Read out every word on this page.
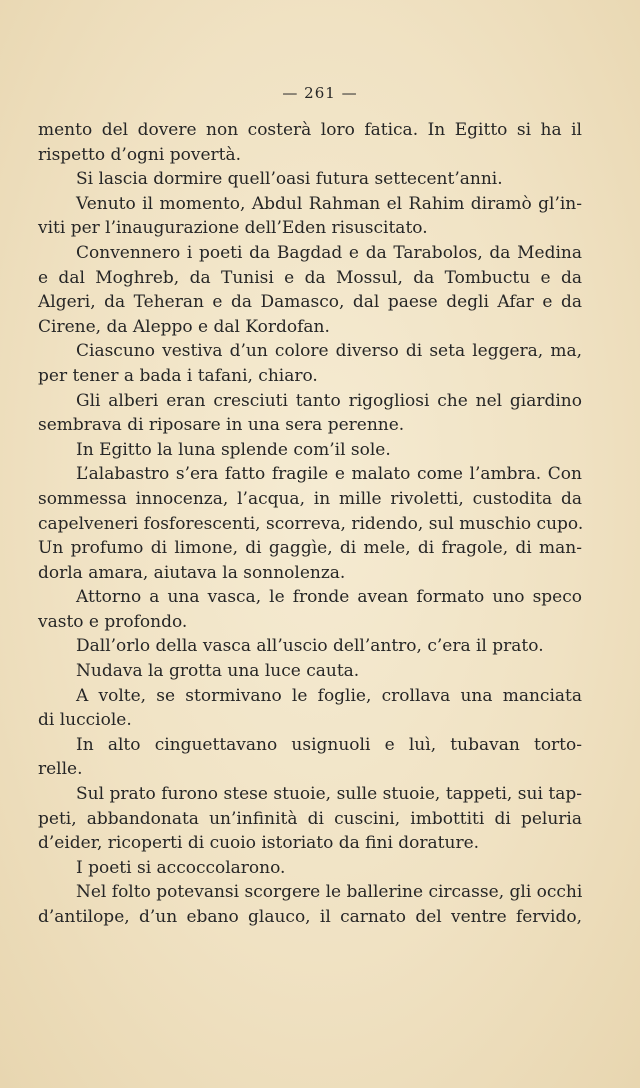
— 261 —
mento del dovere non costerà loro fatica. In Egitto si ha il
rispetto d’ogni povertà.
Si lascia dormire quell’oasi futura settecent’anni.
Venuto il momento, Abdul Rahman el Rahim diramò gl’in-
viti per l’inaugurazione dell’Eden risuscitato.
Convennero i poeti da Bagdad e da Tarabolos, da Medina
e dal Moghreb, da Tunisi e da Mossul, da Tombuctu e da
Algeri, da Teheran e da Damasco, dal paese degli Afar e da
Cirene, da Aleppo e dal Kordofan.
Ciascuno vestiva d’un colore diverso di seta leggera, ma,
per tener a bada i tafani, chiaro.
Gli alberi eran cresciuti tanto rigogliosi che nel giardino
sembrava di riposare in una sera perenne.
In Egitto la luna splende com’il sole.
L’alabastro s’era fatto fragile e malato come l’ambra. Con
sommessa innocenza, l’acqua, in mille rivoletti, custodita da
capelveneri fosforescenti, scorreva, ridendo, sul muschio cupo.
Un profumo di limone, di gaggìe, di mele, di fragole, di man-
dorla amara, aiutava la sonnolenza.
Attorno a una vasca, le fronde avean formato uno speco
vasto e profondo.
Dall’orlo della vasca all’uscio dell’antro, c’era il prato.
Nudava la grotta una luce cauta.
A volte, se stormivano le foglie, crollava una manciata
di lucciole.
In alto cinguettavano usignuoli e luì, tubavan torto-
relle.
Sul prato furono stese stuoie, sulle stuoie, tappeti, sui tap-
peti, abbandonata un’infinità di cuscini, imbottiti di peluria
d’eider, ricoperti di cuoio istoriato da fini dorature.
I poeti si accoccolarono.
Nel folto potevansi scorgere le ballerine circasse, gli occhi
d’antilope, d’un ebano glauco, il carnato del ventre fervido,
